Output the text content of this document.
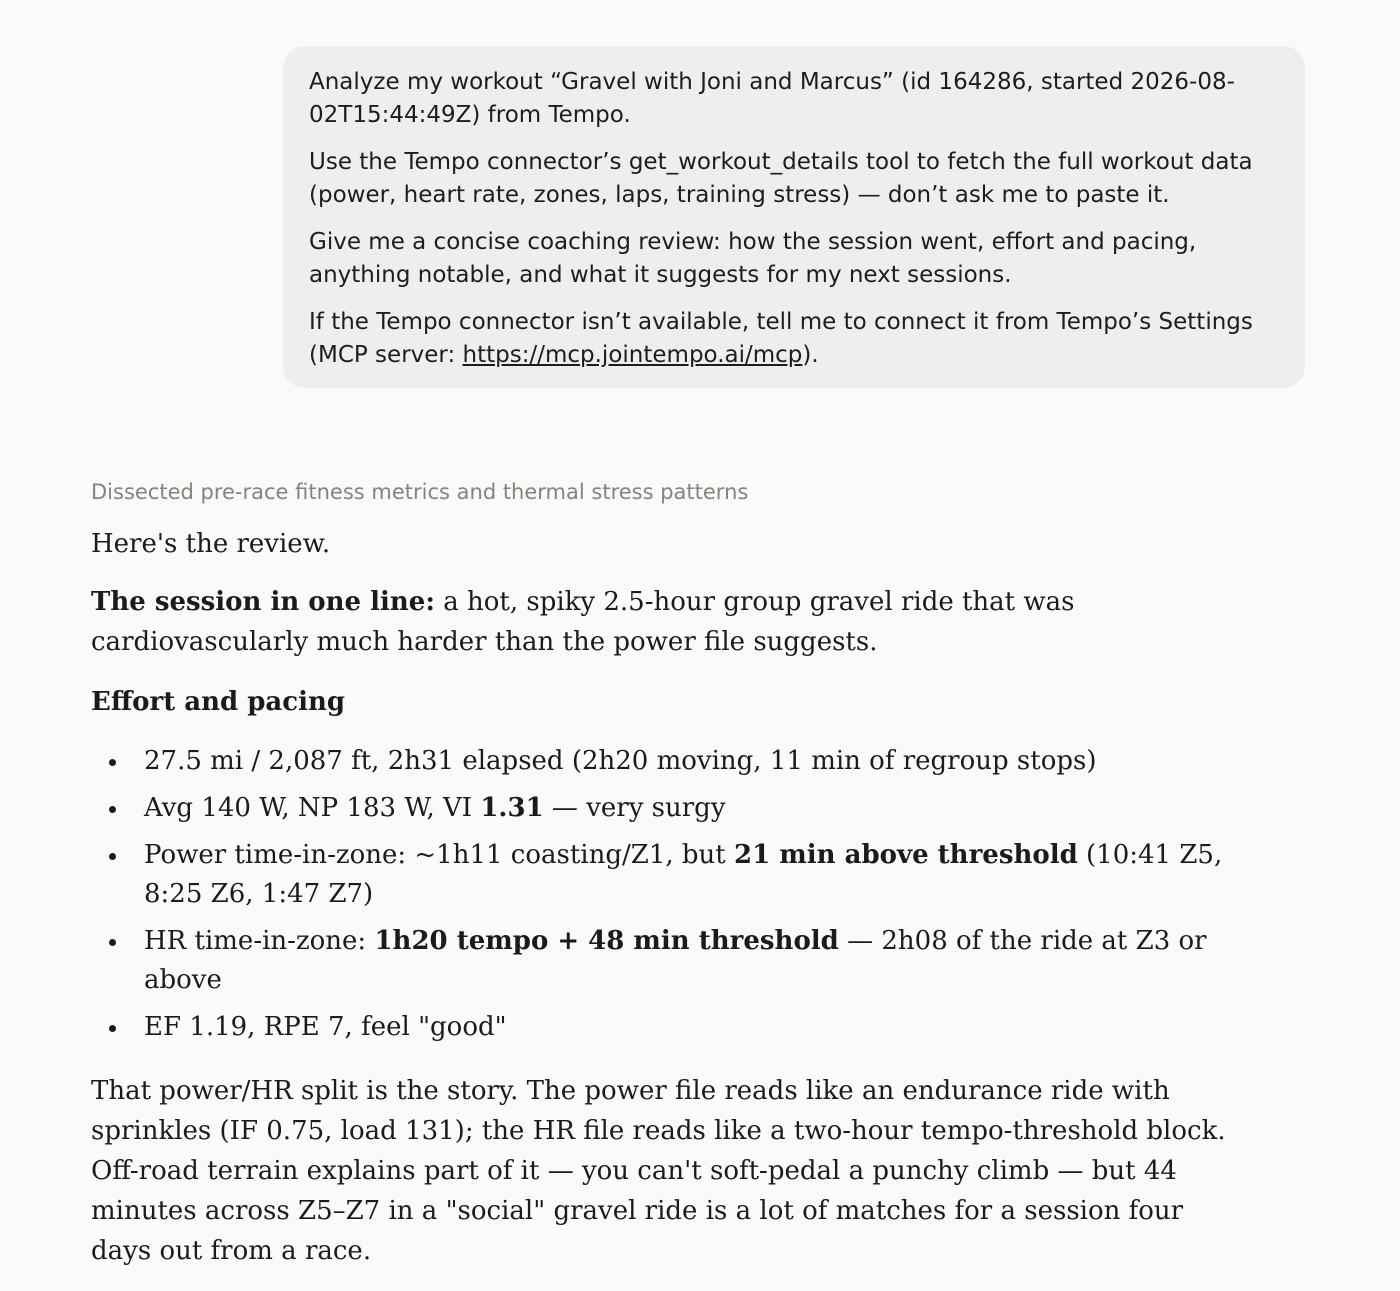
Analyze my workout “Gravel with Joni and Marcus” (id 164286, started 2026-08-02T15:44:49Z) from Tempo.

Use the Tempo connector’s get_workout_details tool to fetch the full workout data (power, heart rate, zones, laps, training stress) — don’t ask me to paste it.

Give me a concise coaching review: how the session went, effort and pacing, anything notable, and what it suggests for my next sessions.

If the Tempo connector isn’t available, tell me to connect it from Tempo’s Settings (MCP server: https://mcp.jointempo.ai/mcp).

Dissected pre-race fitness metrics and thermal stress patterns

Here's the review.

The session in one line: a hot, spiky 2.5-hour group gravel ride that was cardiovascularly much harder than the power file suggests.

Effort and pacing

27.5 mi / 2,087 ft, 2h31 elapsed (2h20 moving, 11 min of regroup stops)
Avg 140 W, NP 183 W, VI 1.31 — very surgy
Power time-in-zone: ~1h11 coasting/Z1, but 21 min above threshold (10:41 Z5, 8:25 Z6, 1:47 Z7)
HR time-in-zone: 1h20 tempo + 48 min threshold — 2h08 of the ride at Z3 or above
EF 1.19, RPE 7, feel "good"

That power/HR split is the story. The power file reads like an endurance ride with sprinkles (IF 0.75, load 131); the HR file reads like a two-hour tempo-threshold block. Off-road terrain explains part of it — you can't soft-pedal a punchy climb — but 44 minutes across Z5–Z7 in a "social" gravel ride is a lot of matches for a session four days out from a race.
